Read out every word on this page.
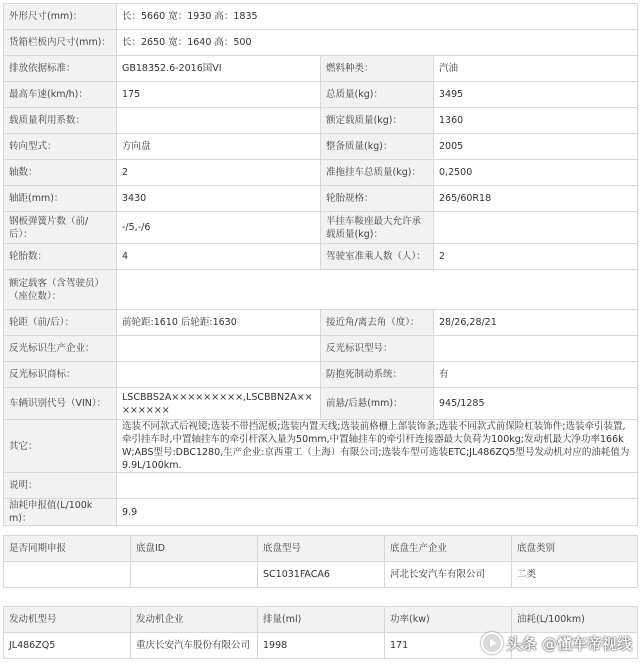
外形尺寸(mm)：	长：5660 宽：1930 高：1835		
货箱栏板内尺寸(mm)：	长：2650 宽：1640 高：500		
排放依据标准：	GB18352.6-2016国VI	燃料种类：	汽油
最高车速(km/h)：	175	总质量(kg)：	3495
载质量利用系数：		额定载质量(kg)：	1360
转向型式：	方向盘	整备质量(kg)：	2005
轴数：	2	准拖挂车总质量(kg)：	0,2500
轴距(mm)：	3430	轮胎规格：	265/60R18
钢板弹簧片数（前/后）：	-/5,-/6	半挂车鞍座最大允许承载质量(kg)：	
轮胎数：	4	驾驶室准乘人数（人）：	2
额定载客（含驾驶员）（座位数）：			
轮距（前/后）：	前轮距:1610 后轮距:1630	接近角/离去角（度）：	28/26,28/21
反光标识生产企业：		反光标识型号：	
反光标识商标：		防抱死制动系统：	有
车辆识别代号（VIN）：	LSCBBS2A×××××××××,LSCBBN2A××××××××	前悬/后悬(mm)：	945/1285
其它：	选装不同款式后视镜;选装不带挡泥板;选装内置天线;选装前格栅上部装饰条;选装不同款式前保险杠装饰件;选装牵引装置,牵引挂车时,中置轴挂车的牵引杆深入量为50mm,中置轴挂车的牵引杆连接器最大负荷为100kg;发动机最大净功率166kW;ABS型号:DBC1280,生产企业:京西重工（上海）有限公司;选装车型可选装ETC;JL486ZQ5型号发动机对应的油耗值为9.9L/100km.		
说明：			
油耗申报值(L/100km)：	9.9		
是否同期申报	底盘ID	底盘型号	底盘生产企业	底盘类别
		SC1031FACA6	河北长安汽车有限公司	二类
发动机型号	发动机企业	排量(ml)	功率(kw)	油耗(L/100km)
JL486ZQ5	重庆长安汽车股份有限公司	1998	171		头条 @懂车帝视线
